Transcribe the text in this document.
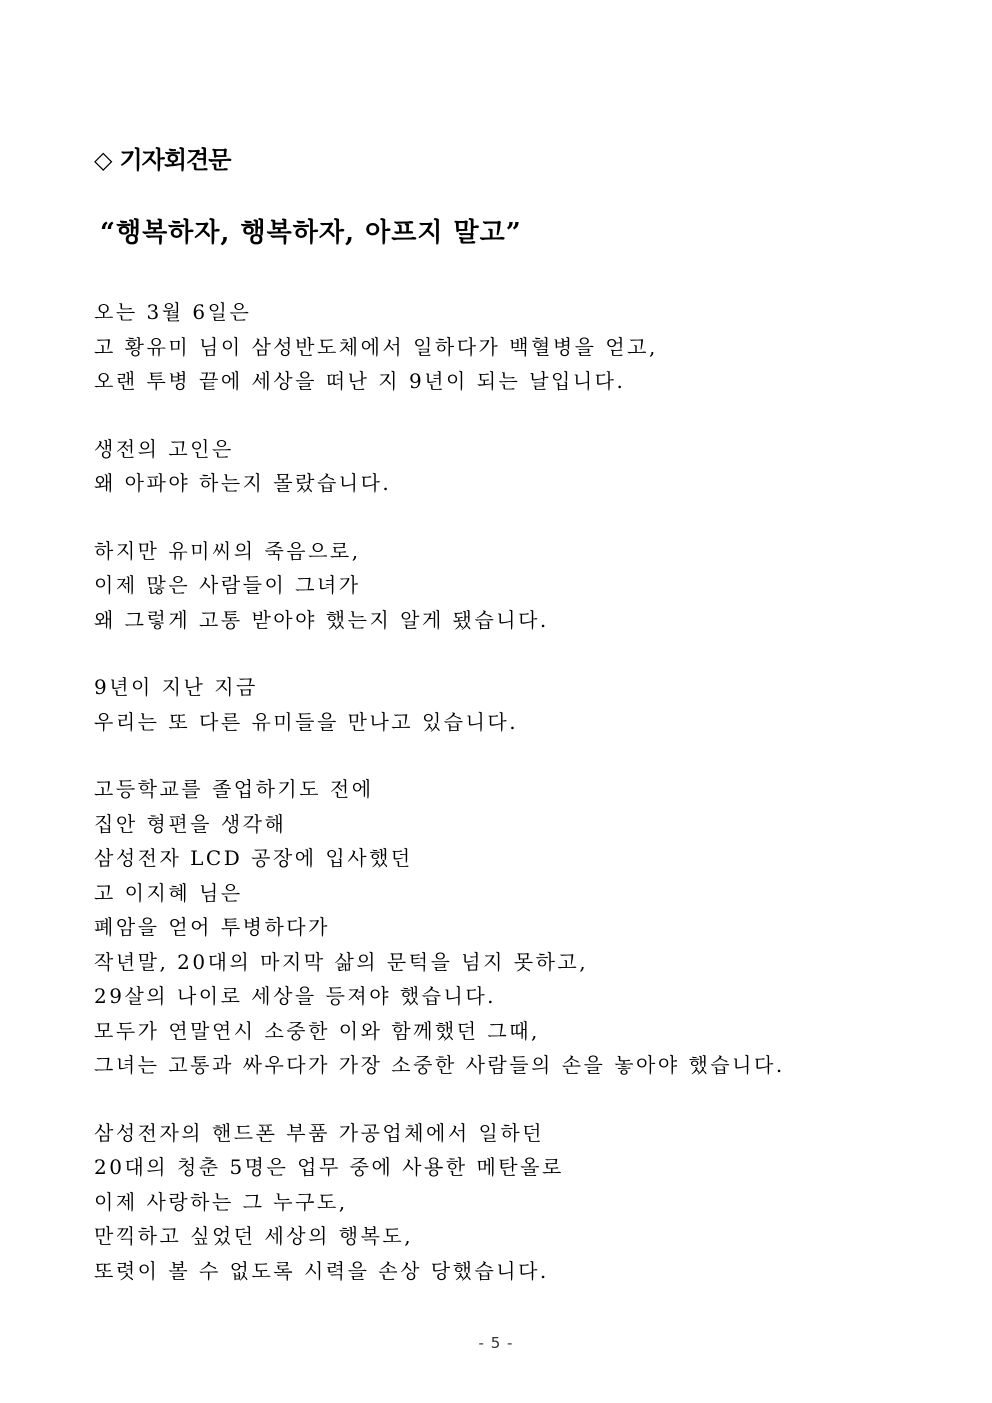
◇ 기자회견문
“행복하자, 행복하자, 아프지 말고”
오는 3월 6일은
고 황유미 님이 삼성반도체에서 일하다가 백혈병을 얻고,
오랜 투병 끝에 세상을 떠난 지 9년이 되는 날입니다.
생전의 고인은
왜 아파야 하는지 몰랐습니다.
하지만 유미씨의 죽음으로,
이제 많은 사람들이 그녀가
왜 그렇게 고통 받아야 했는지 알게 됐습니다.
9년이 지난 지금
우리는 또 다른 유미들을 만나고 있습니다.
고등학교를 졸업하기도 전에
집안 형편을 생각해
삼성전자 LCD 공장에 입사했던
고 이지혜 님은
폐암을 얻어 투병하다가
작년말, 20대의 마지막 삶의 문턱을 넘지 못하고,
29살의 나이로 세상을 등져야 했습니다.
모두가 연말연시 소중한 이와 함께했던 그때,
그녀는 고통과 싸우다가 가장 소중한 사람들의 손을 놓아야 했습니다.
삼성전자의 핸드폰 부품 가공업체에서 일하던
20대의 청춘 5명은 업무 중에 사용한 메탄올로
이제 사랑하는 그 누구도,
만끽하고 싶었던 세상의 행복도,
또렷이 볼 수 없도록 시력을 손상 당했습니다.
- 5 -
